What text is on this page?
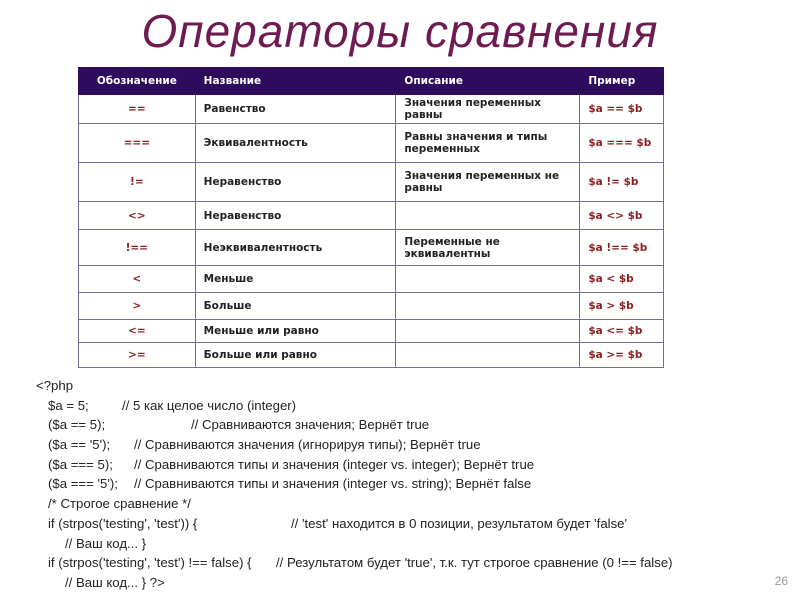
Операторы сравнения
Обозначение	Название	Описание	Пример
==	Равенство	Значения переменных равны	$a == $b
===	Эквивалентность	Равны значения и типы переменных	$a === $b
!=	Неравенство	Значения переменных не равны	$a != $b
<>	Неравенство		$a <> $b
!==	Неэквивалентность	Переменные не эквивалентны	$a !== $b
<	Меньше		$a < $b
>	Больше		$a > $b
<=	Меньше или равно		$a <= $b
>=	Больше или равно		$a >= $b
<?php
$a = 5;	// 5 как целое число (integer)
($a == 5);	// Сравниваются значения; Вернёт true
($a == '5'); // Сравниваются значения (игнорируя типы); Вернёт true
($a === 5); // Сравниваются типы и значения (integer vs. integer); Вернёт true
($a === '5'); // Сравниваются типы и значения (integer vs. string); Вернёт false
/* Строгое сравнение */
if (strpos('testing', 'test')) {	// 'test' находится в 0 позиции, результатом будет 'false'
// Ваш код... }
if (strpos('testing', 'test') !== false) { // Результатом будет 'true', т.к. тут строгое сравнение (0 !== false)
// Ваш код... } ?>	26
